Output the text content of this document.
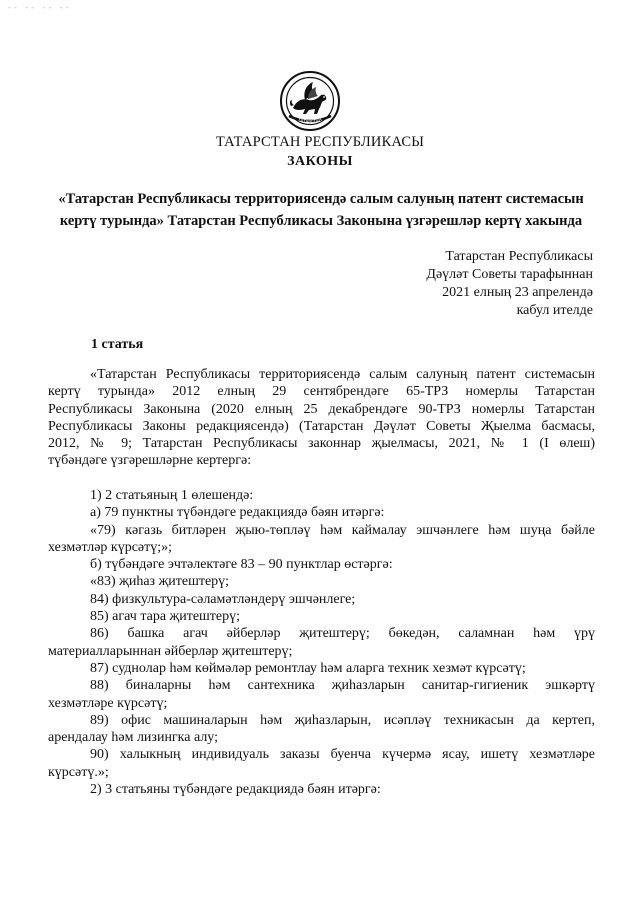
-- -- -- --
ТАТАРСТАН
ТАТАРСТАН РЕСПУБЛИКАСЫ
ЗАКОНЫ
«Татарстан Республикасы территориясендә салым салуның патент системасын
кертү турында» Татарстан Республикасы Законына үзгәрешләр кертү хакында
Татарстан Республикасы
Дәүләт Советы тарафыннан
2021 елның 23 апрелендә
кабул ителде
1 статья
«Татарстан Республикасы территориясендә салым салуның патент системасын
кертү турында» 2012 елның 29 сентябрендәге 65-ТРЗ номерлы Татарстан
Республикасы Законына (2020 елның 25 декабрендәге 90-ТРЗ номерлы Татарстан
Республикасы Законы редакциясендә) (Татарстан Дәүләт Советы Җыелма басмасы,
2012, № 9; Татарстан Республикасы законнар җыелмасы, 2021, № 1 (I өлеш)
түбәндәге үзгәрешләрне кертергә:
1) 2 статьяның 1 өлешендә:
а) 79 пунктны түбәндәге редакциядә бәян итәргә:
«79) кәгазь битләрен җыю-төпләү һәм каймалау эшчәнлеге һәм шуңа бәйле
хезмәтләр күрсәтү;»;
б) түбәндәге эчтәлектәге 83 – 90 пунктлар өстәргә:
«83) җиһаз җитештерү;
84) физкультура-сәламәтләндерү эшчәнлеге;
85) агач тара җитештерү;
86) башка агач әйберләр җитештерү; бөкедән, саламнан һәм үрү
материалларыннан әйберләр җитештерү;
87) суднолар һәм көймәләр ремонтлау һәм аларга техник хезмәт күрсәтү;
88) биналарны һәм сантехника җиһазларын санитар-гигиеник эшкәртү
хезмәтләре күрсәтү;
89) офис машиналарын һәм җиһазларын, исәпләү техникасын да кертеп,
арендалау һәм лизингка алу;
90) халыкның индивидуаль заказы буенча күчермә ясау, ишетү хезмәтләре
күрсәтү.»;
2) 3 статьяны түбәндәге редакциядә бәян итәргә:
